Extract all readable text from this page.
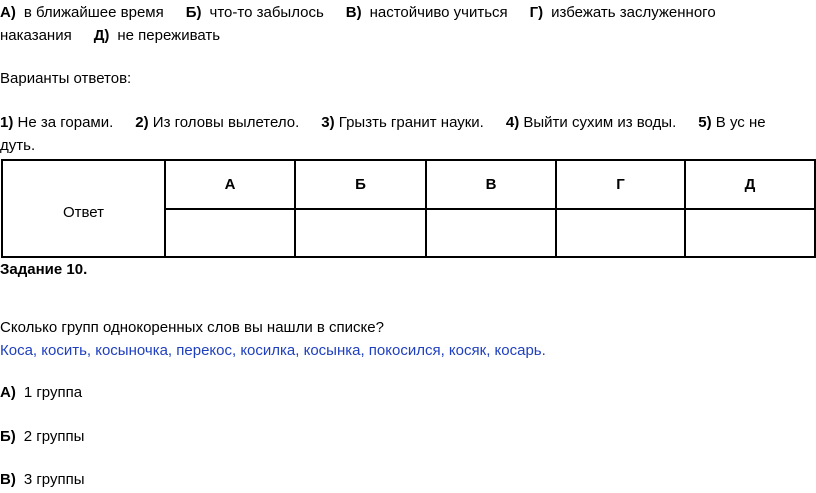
А) в ближайшее время Б) что-то забылось В) настойчиво учиться Г) избежать заслуженного
наказания Д) не переживать
Варианты ответов:
1) Не за горами. 2) Из головы вылетело. 3) Грызть гранит науки. 4) Выйти сухим из воды. 5) В ус не
дуть.
Ответ	А	Б	В	Г	Д

Задание 10.
Сколько групп однокоренных слов вы нашли в списке?
Коса, косить, косыночка, перекос, косилка, косынка, покосился, косяк, косарь.
А) 1 группа
Б) 2 группы
В) 3 группы
